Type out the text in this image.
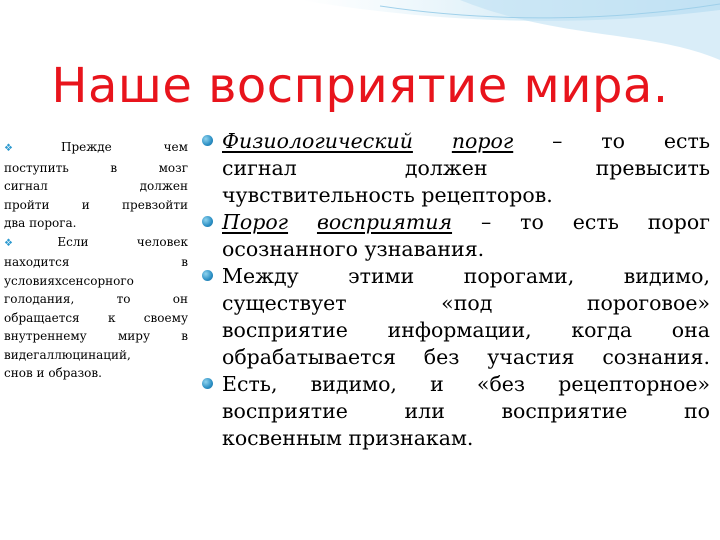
Наше восприятие мира.

❖Прежде чем
поступить в мозг
сигнал должен
пройти и превзойти
два порога.

❖Если человек
находится в
условияхсенсорного
голодания, то он
обращается к своему
внутреннему миру в
видегаллюцинаций,
снов и образов.

Физиологический порог – то есть
сигнал должен превысить
чувствительность рецепторов.
Порог восприятия – то есть порог
осознанного узнавания.
Между этими порогами, видимо,
существует «под пороговое»
восприятие информации, когда она
обрабатывается без участия сознания.
Есть, видимо, и «без рецепторное»
восприятие или восприятие по
косвенным признакам.
